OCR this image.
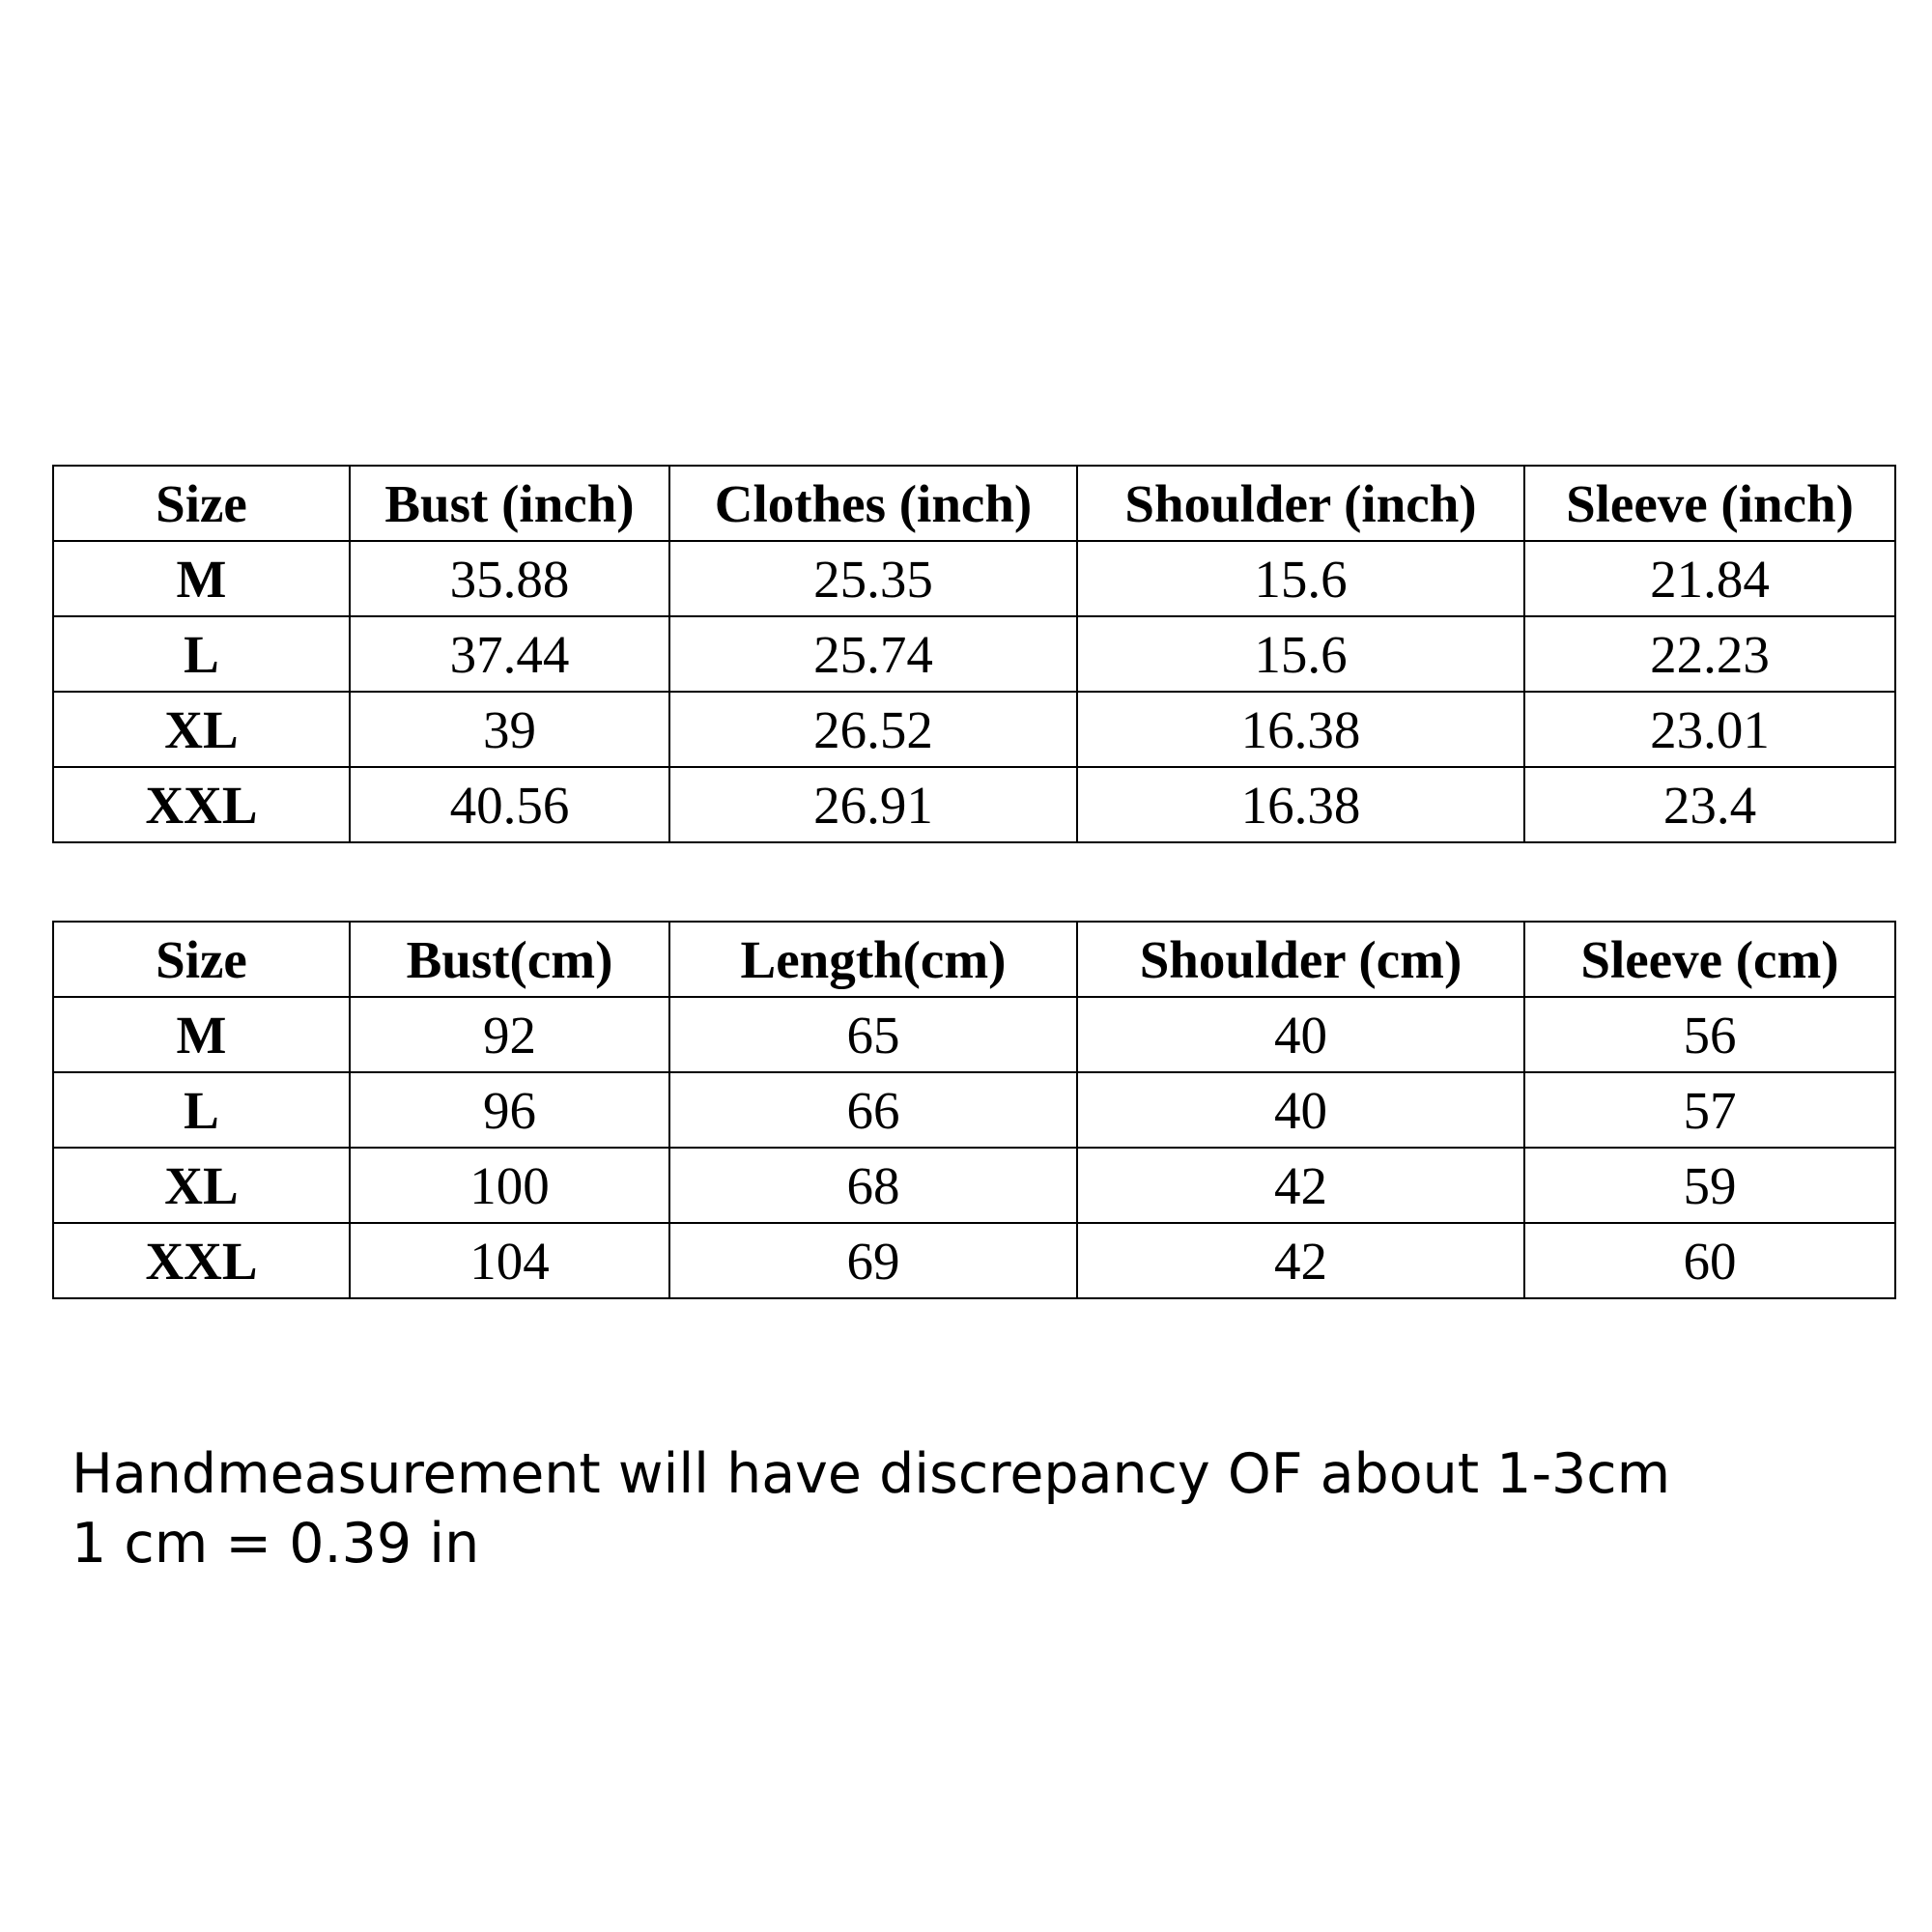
Size	Bust (inch)	Clothes (inch)	Shoulder (inch)	Sleeve (inch)
M	35.88	25.35	15.6	21.84
L	37.44	25.74	15.6	22.23
XL	39	26.52	16.38	23.01
XXL	40.56	26.91	16.38	23.4
Size	Bust(cm)	Length(cm)	Shoulder (cm)	Sleeve (cm)
M	92	65	40	56
L	96	66	40	57
XL	100	68	42	59
XXL	104	69	42	60
Handmeasurement will have discrepancy OF about 1-3cm
1 cm = 0.39 in
